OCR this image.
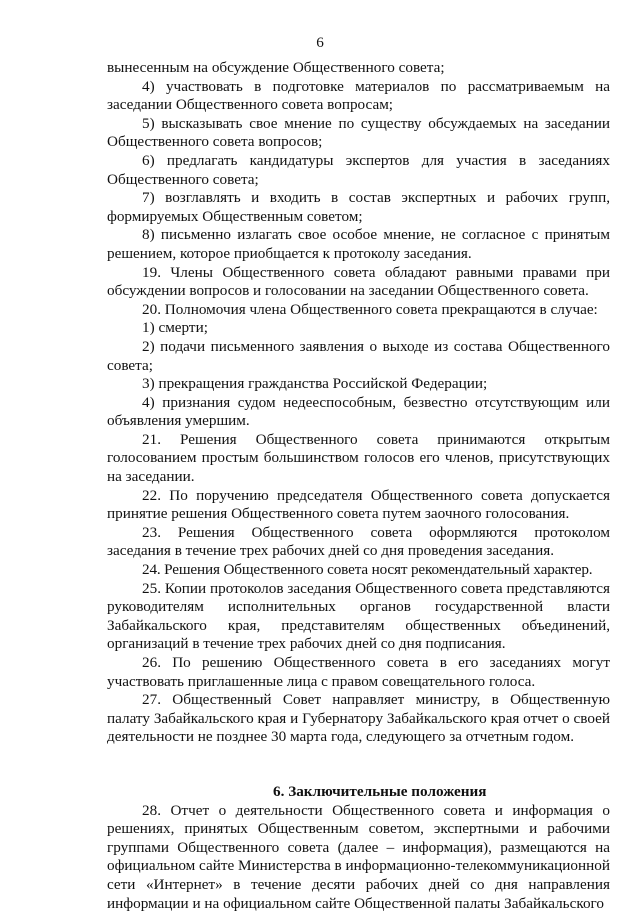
6

вынесенным на обсуждение Общественного совета;

4) участвовать в подготовке материалов по рассматриваемым на заседании Общественного совета вопросам;

5) высказывать свое мнение по существу обсуждаемых на заседании Общественного совета вопросов;

6) предлагать кандидатуры экспертов для участия в заседаниях Общественного совета;

7) возглавлять и входить в состав экспертных и рабочих групп, формируемых Общественным советом;

8) письменно излагать свое особое мнение, не согласное с принятым решением, которое приобщается к протоколу заседания.

19. Члены Общественного совета обладают равными правами при обсуждении вопросов и голосовании на заседании Общественного совета.

20. Полномочия члена Общественного совета прекращаются в случае:

1) смерти;

2) подачи письменного заявления о выходе из состава Общественного совета;

3) прекращения гражданства Российской Федерации;

4) признания судом недееспособным, безвестно отсутствующим или объявления умершим.

21. Решения Общественного совета принимаются открытым голосованием простым большинством голосов его членов, присутствующих на заседании.

22. По поручению председателя Общественного совета допускается принятие решения Общественного совета путем заочного голосования.

23. Решения Общественного совета оформляются протоколом заседания в течение трех рабочих дней со дня проведения заседания.

24. Решения Общественного совета носят рекомендательный характер.

25. Копии протоколов заседания Общественного совета представляются руководителям исполнительных органов государственной власти Забайкальского края, представителям общественных объединений, организаций в течение трех рабочих дней со дня подписания.

26. По решению Общественного совета в его заседаниях могут участвовать приглашенные лица с правом совещательного голоса.

27. Общественный Совет направляет министру, в Общественную палату Забайкальского края и Губернатору Забайкальского края отчет о своей деятельности не позднее 30 марта года, следующего за отчетным годом.

6. Заключительные положения

28. Отчет о деятельности Общественного совета и информация о решениях, принятых Общественным советом, экспертными и рабочими группами Общественного совета (далее – информация), размещаются на официальном сайте Министерства в информационно-телекоммуникационной сети «Интернет» в течение десяти рабочих дней со дня направления информации и на официальном сайте Общественной палаты Забайкальского
